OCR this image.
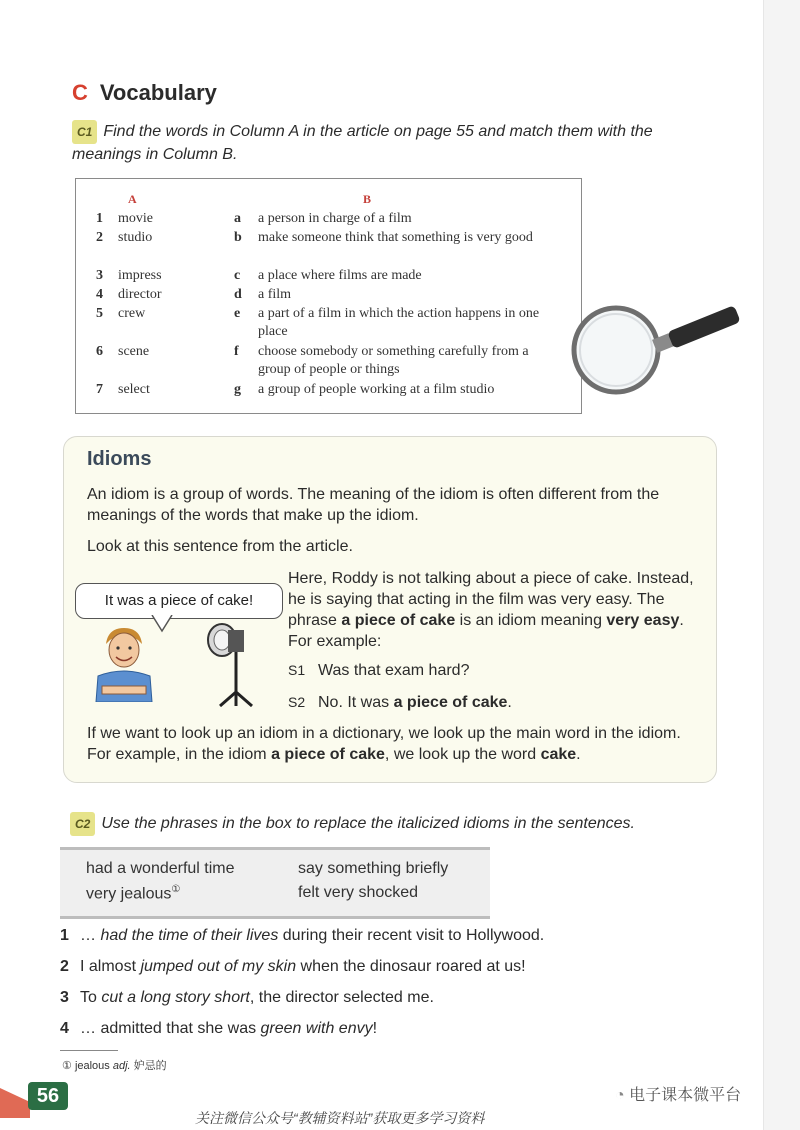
C Vocabulary
C1 Find the words in Column A in the article on page 55 and match them with the meanings in Column B.
A	B
1 movie	a a person in charge of a film
2 studio	b make someone think that something is very good
3 impress	c a place where films are made
4 director	d a film
5 crew	e a part of a film in which the action happens in one place
6 scene	f choose somebody or something carefully from a group of people or things
7 select	g a group of people working at a film studio
Idioms
An idiom is a group of words. The meaning of the idiom is often different from the meanings of the words that make up the idiom.
Look at this sentence from the article.
It was a piece of cake!
Here, Roddy is not talking about a piece of cake. Instead, he is saying that acting in the film was very easy. The phrase a piece of cake is an idiom meaning very easy. For example:
S1 Was that exam hard?
S2 No. It was a piece of cake.
If we want to look up an idiom in a dictionary, we look up the main word in the idiom. For example, in the idiom a piece of cake, we look up the word cake.
C2 Use the phrases in the box to replace the italicized idioms in the sentences.
had a wonderful time	say something briefly
very jealous①	felt very shocked
1 … had the time of their lives during their recent visit to Hollywood.
2 I almost jumped out of my skin when the dinosaur roared at us!
3 To cut a long story short, the director selected me.
4 … admitted that she was green with envy!
① jealous adj. 妒忌的
56	◔ 电子课本微平台
关注微信公众号“教辅资料站”获取更多学习资料
